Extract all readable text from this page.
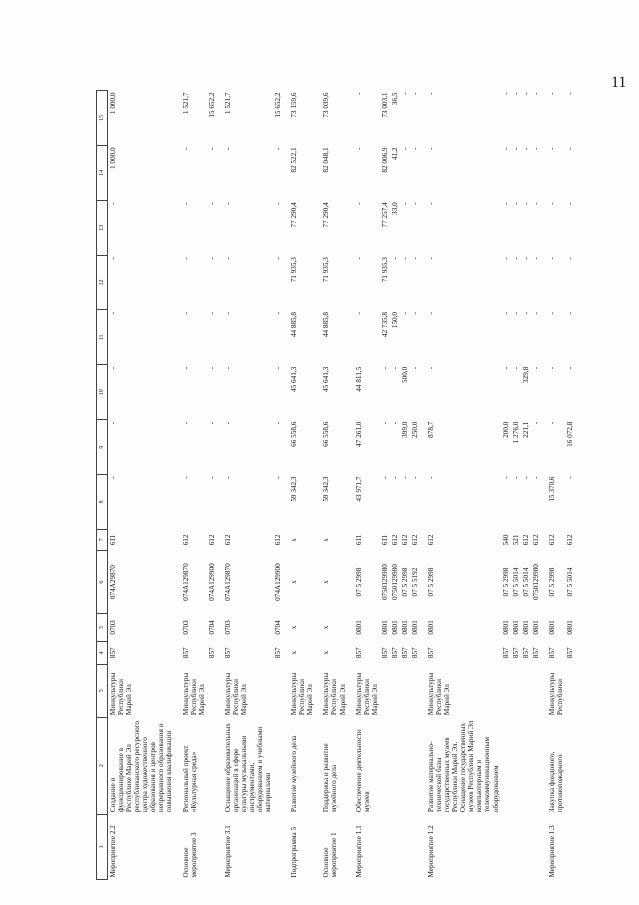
11
1	2	3	4	5	6	7	8	9	10	11	12	13	14	15
Мероприятие 2.2	Создание и функционирование в Республике Марий Эл республиканского ресурсного центра художественного образования и центров непрерывного образования и повышения квалификации	Минкультуры Республики Марий Эл	857	0703	074A29870	611	-	-	-	-	-	-	1 000,0	1 000,0
Основное мероприятие 3	Региональный проект «Культурная среда»	Минкультуры Республики Марий Эл	857	0703	074A129870	612	-	-	-	-	-	-	-	1 521,7
			857	0704	074A129900	612	-	-	-	-	-	-	-	15 652,2
Мероприятие 3.1	Оснащение образовательных организаций в сфере культуры музыкальными инструментами, оборудованием и учебными материалами	Минкультуры Республики Марий Эл	857	0703	074A129870	612	-	-	-	-	-	-	-	1 521,7
			857	0704	074A129900	612	-	-	-	-	-	-	-	15 652,2
Подпрограмма 5	Развитие музейного дела	Минкультуры Республики Марий Эл	х	х	х	х	59 342,3	66 558,6	45 641,3	44 885,8	71 935,3	77 290,4	82 522,1	73 159,6
Основное мероприятие 1	Поддержка и развитие музейного дела	Минкультуры Республики Марий Эл	х	х	х	х	59 342,3	66 558,6	45 641,3	44 885,8	71 935,3	77 290,4	82 048,1	73 039,6
Мероприятие 1.1	Обеспечение деятельности музеев	Минкультуры Республики Марий Эл	857	0801	07 5 2998	611	43 971,7	47 261,0	44 811,5	-	-	-	-	-
			857	0801	0750129980	611	-	-	-	42 735,8	71 935,3	77 257,4	82 006,9	73 003,1
			857	0801	0750129980	612	-	-	-	150,0	-	33,0	41,2	36,5
			857	0801	07 5 2998	612	-	399,0	500,0	-	-	-	-	-
			857	0801	07 5 5192	612	-	250,0	-	-	-	-	-	-
Мероприятие 1.2	Развитие материально-технической базы государственных музеев Республики Марий Эл. Оснащение государственных музеев Республики Марий Эл компьютерным и телекоммуникационным оборудованием	Минкультуры Республики Марий Эл	857	0801	07 5 2998	612	-	878,7	-	-	-	-	-	-
			857	0801	07 5 2998	540	-	200,0	-	-	-	-	-	-
			857	0801	07 5 5014	521	-	1 276,0	-	-	-	-	-	-
			857	0801	07 5 5014	612	-	221,1	329,8	-	-	-	-	-
			857	0801	0750129980	612	-	-	-	-	-	-	-	-
Мероприятие 1.3	Закупка фондового, противопожарного	Минкультуры Республики	857	0801	07 5 2998	612	15 370,6	-	-	-	-	-	-	-
			857	0801	07 5 5014	612	-	16 072,8	-	-	-	-	-	-
